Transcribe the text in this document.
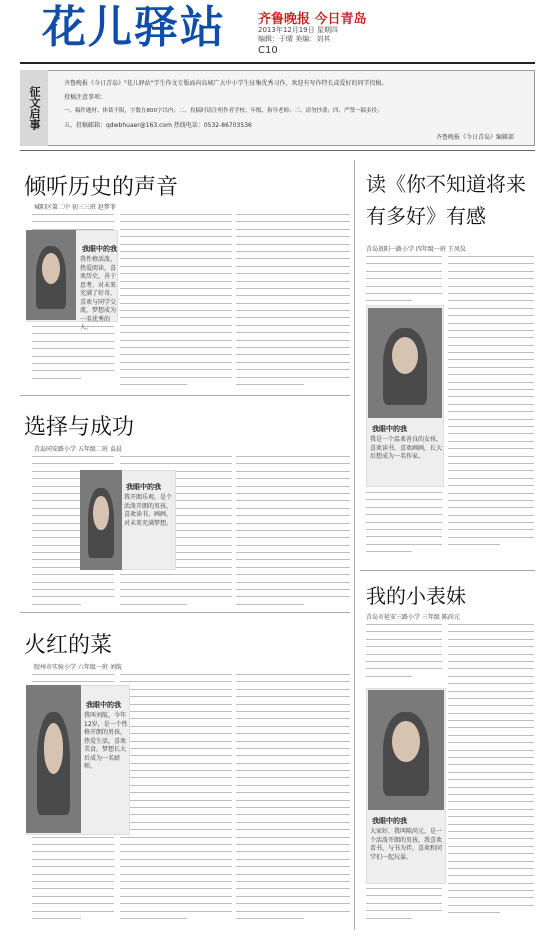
花儿驿站 齐鲁晚报 今日青岛
2013年12月19日 星期四
编辑：于晴 美编：刘其
C10
征文启事
齐鲁晚报《今日青岛》"花儿驿站"学生作文专版面向岛城广大中小学生征集优秀习作，欢迎有写作特长或爱好的同学投稿。
投稿注意事项：
一、稿件题材、体裁不限，字数在800字以内；二、投稿时请注明作者学校、年级、指导老师；三、请勿抄袭；四、严禁一稿多投；
五、投稿邮箱：qdwbhuaer@163.com 热线电话：0532-86703536
齐鲁晚报《今日青岛》编辑部
倾听历史的声音
城阳区第二中 初三三班 赵梦菲
我眼中的我
我性格活泼，热爱阅读，喜欢历史，善于思考，对未来充满了好奇，喜欢与同学交流，梦想成为一名优秀的人。
选择与成功
青岛同安路小学 五年级二班 袁晨
我眼中的我
我开朗乐观，是个活泼开朗的男孩，喜欢读书、画画，对未来充满梦想。
火红的菜
胶州市实验小学 六年级一班 刘航
我眼中的我
我叫刘航，今年12岁，是一个性格开朗的男孩，热爱生活，喜欢美食，梦想长大后成为一名厨师。
读《你不知道将来有多好》有感
青岛贵阳一路小学 四年级一班 王凤仪
我眼中的我
我是一个温柔善良的女孩，喜欢读书，喜欢画画，长大后想成为一名作家。
我的小表妹
青岛市延安三路小学 三年级 陈尚元
我眼中的我
大家好，我叫陈尚元，是一个活泼开朗的男孩，我喜欢看书，与书为伴，喜欢和同学们一起玩耍。
